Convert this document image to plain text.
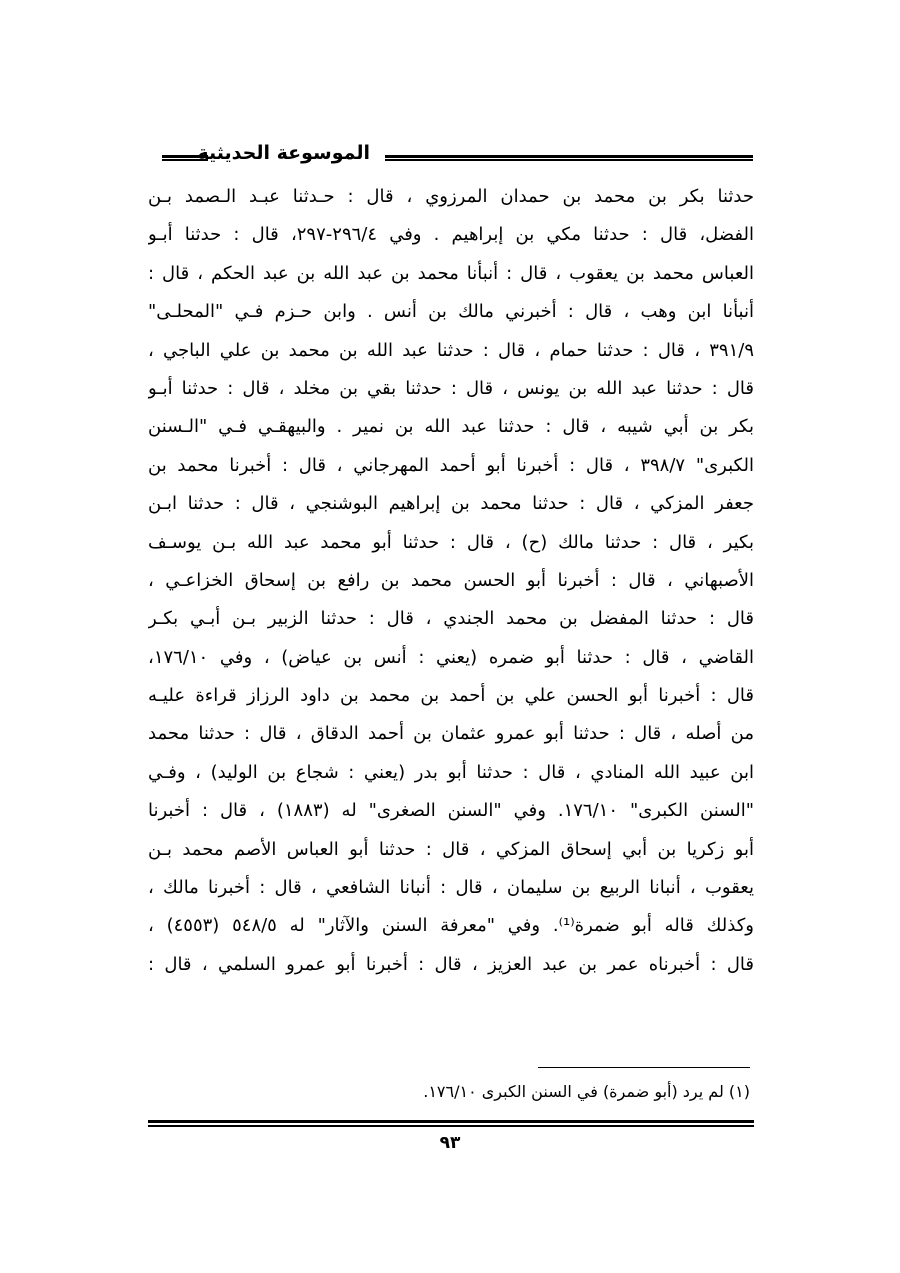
الموسوعة الحديثية
حدثنا بكر بن محمد بن حمدان المرزوي ، قال : حـدثنا عبـد الـصمد بـن
الفضل، قال : حدثنا مكي بن إبراهيم . وفي ٢٩٦/٤-٢٩٧، قال : حدثنا أبـو
العباس محمد بن يعقوب ، قال : أنبأنا محمد بن عبد الله بن عبد الحكم ، قال :
أنبأنا ابن وهب ، قال : أخبرني مالك بن أنس . وابن حـزم فـي "المحلـى"
٣٩١/٩ ، قال : حدثنا حمام ، قال : حدثنا عبد الله بن محمد بن علي الباجي ،
قال : حدثنا عبد الله بن يونس ، قال : حدثنا بقي بن مخلد ، قال : حدثنا أبـو
بكر بن أبي شيبه ، قال : حدثنا عبد الله بن نمير . والبيهقـي فـي "الـسنن
الكبرى" ٣٩٨/٧ ، قال : أخبرنا أبو أحمد المهرجاني ، قال : أخبرنا محمد بن
جعفر المزكي ، قال : حدثنا محمد بن إبراهيم البوشنجي ، قال : حدثنا ابـن
بكير ، قال : حدثنا مالك (ح) ، قال : حدثنا أبو محمد عبد الله بـن يوسـف
الأصبهاني ، قال : أخبرنا أبو الحسن محمد بن رافع بن إسحاق الخزاعـي ،
قال : حدثنا المفضل بن محمد الجندي ، قال : حدثنا الزبير بـن أبـي بكـر
القاضي ، قال : حدثنا أبو ضمره (يعني : أنس بن عياض) ، وفي ١٧٦/١٠،
قال : أخبرنا أبو الحسن علي بن أحمد بن محمد بن داود الرزاز قراءة عليـه
من أصله ، قال : حدثنا أبو عمرو عثمان بن أحمد الدقاق ، قال : حدثنا محمد
ابن عبيد الله المنادي ، قال : حدثنا أبو بدر (يعني : شجاع بن الوليد) ، وفـي
"السنن الكبرى" ١٧٦/١٠. وفي "السنن الصغرى" له (١٨٨٣) ، قال : أخبرنا
أبو زكريا بن أبي إسحاق المزكي ، قال : حدثنا أبو العباس الأصم محمد بـن
يعقوب ، أنبانا الربيع بن سليمان ، قال : أنبانا الشافعي ، قال : أخبرنا مالك ،
وكذلك قاله أبو ضمرة⁽¹⁾. وفي "معرفة السنن والآثار" له ٥٤٨/٥ (٤٥٥٣) ،
قال : أخبرناه عمر بن عبد العزيز ، قال : أخبرنا أبو عمرو السلمي ، قال :
(١) لم يرد (أبو ضمرة) في السنن الكبرى ١٧٦/١٠.
٩٣
